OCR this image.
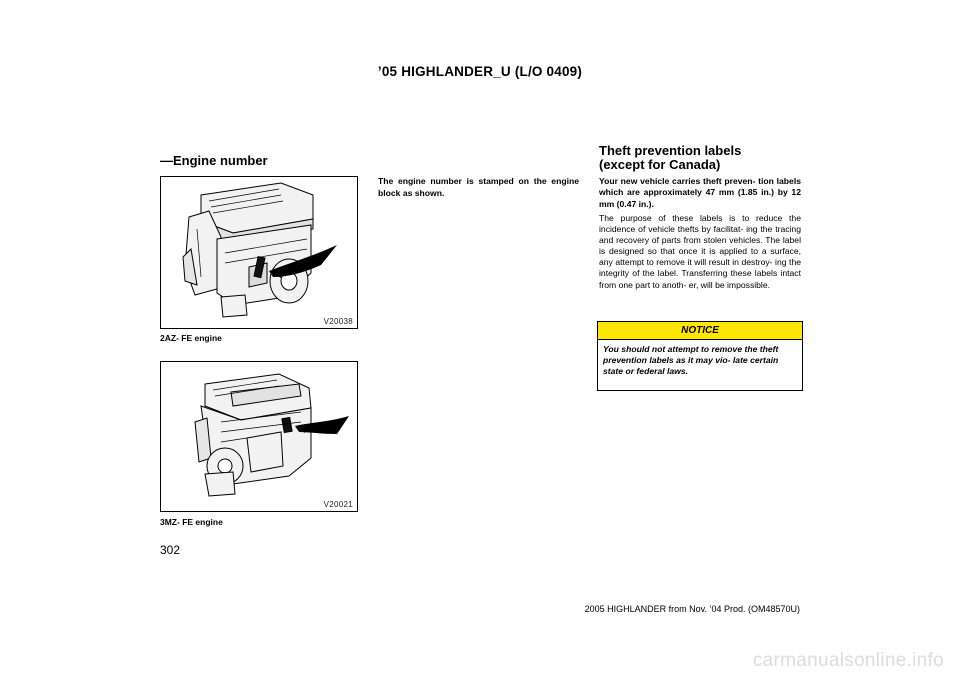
’05 HIGHLANDER_U (L/O 0409)
—Engine number
V20038
2AZ- FE engine
V20021
3MZ- FE engine
The engine number is stamped on the engine block as shown.
Theft prevention labels
(except for Canada)
Your new vehicle carries theft preven- tion labels which are approximately 47 mm (1.85 in.) by 12 mm (0.47 in.).
The purpose of these labels is to reduce the incidence of vehicle thefts by facilitat- ing the tracing and recovery of parts from stolen vehicles. The label is designed so that once it is applied to a surface, any attempt to remove it will result in destroy- ing the integrity of the label. Transferring these labels intact from one part to anoth- er, will be impossible.
NOTICE
You should not attempt to remove the theft prevention labels as it may vio- late certain state or federal laws.
302
2005 HIGHLANDER from Nov. ’04 Prod. (OM48570U)
carmanualsonline.info
